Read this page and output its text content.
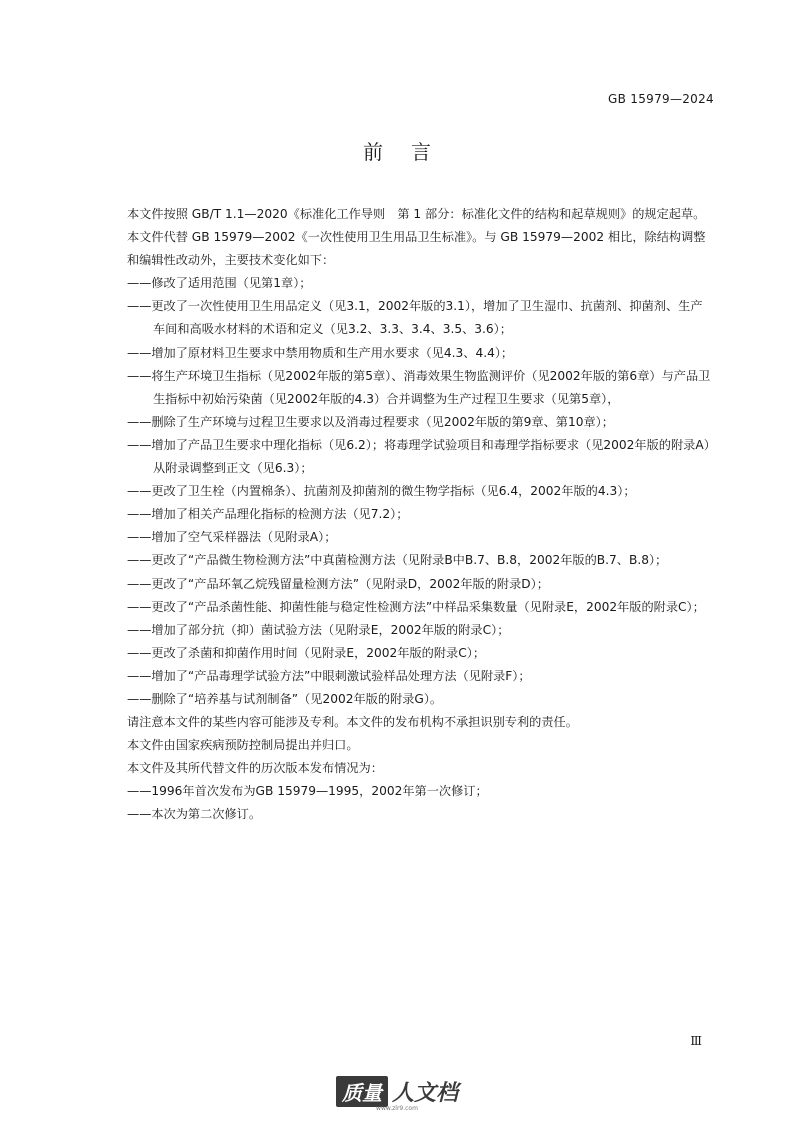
GB 15979—2024
前言
本文件按照 GB/T 1.1—2020《标准化工作导则　第 1 部分：标准化文件的结构和起草规则》的规定起草。
本文件代替 GB 15979—2002《一次性使用卫生用品卫生标准》。与 GB 15979—2002 相比，除结构调整和编辑性改动外，主要技术变化如下：
——修改了适用范围（见第1章）；
——更改了一次性使用卫生用品定义（见3.1，2002年版的3.1），增加了卫生湿巾、抗菌剂、抑菌剂、生产车间和高吸水材料的术语和定义（见3.2、3.3、3.4、3.5、3.6）；
——增加了原材料卫生要求中禁用物质和生产用水要求（见4.3、4.4）；
——将生产环境卫生指标（见2002年版的第5章）、消毒效果生物监测评价（见2002年版的第6章）与产品卫生指标中初始污染菌（见2002年版的4.3）合并调整为生产过程卫生要求（见第5章），
——删除了生产环境与过程卫生要求以及消毒过程要求（见2002年版的第9章、第10章）；
——增加了产品卫生要求中理化指标（见6.2）；将毒理学试验项目和毒理学指标要求（见2002年版的附录A）从附录调整到正文（见6.3）；
——更改了卫生栓（内置棉条）、抗菌剂及抑菌剂的微生物学指标（见6.4，2002年版的4.3）；
——增加了相关产品理化指标的检测方法（见7.2）；
——增加了空气采样器法（见附录A）；
——更改了“产品微生物检测方法”中真菌检测方法（见附录B中B.7、B.8，2002年版的B.7、B.8）；
——更改了“产品环氧乙烷残留量检测方法”（见附录D，2002年版的附录D）；
——更改了“产品杀菌性能、抑菌性能与稳定性检测方法”中样品采集数量（见附录E，2002年版的附录C）；
——增加了部分抗（抑）菌试验方法（见附录E，2002年版的附录C）；
——更改了杀菌和抑菌作用时间（见附录E，2002年版的附录C）；
——增加了“产品毒理学试验方法”中眼刺激试验样品处理方法（见附录F）；
——删除了“培养基与试剂制备”（见2002年版的附录G）。
请注意本文件的某些内容可能涉及专利。本文件的发布机构不承担识别专利的责任。
本文件由国家疾病预防控制局提出并归口。
本文件及其所代替文件的历次版本发布情况为：
——1996年首次发布为GB 15979—1995，2002年第一次修订；
——本次为第二次修订。
Ⅲ
质量 人文档
www.zlr9.com
